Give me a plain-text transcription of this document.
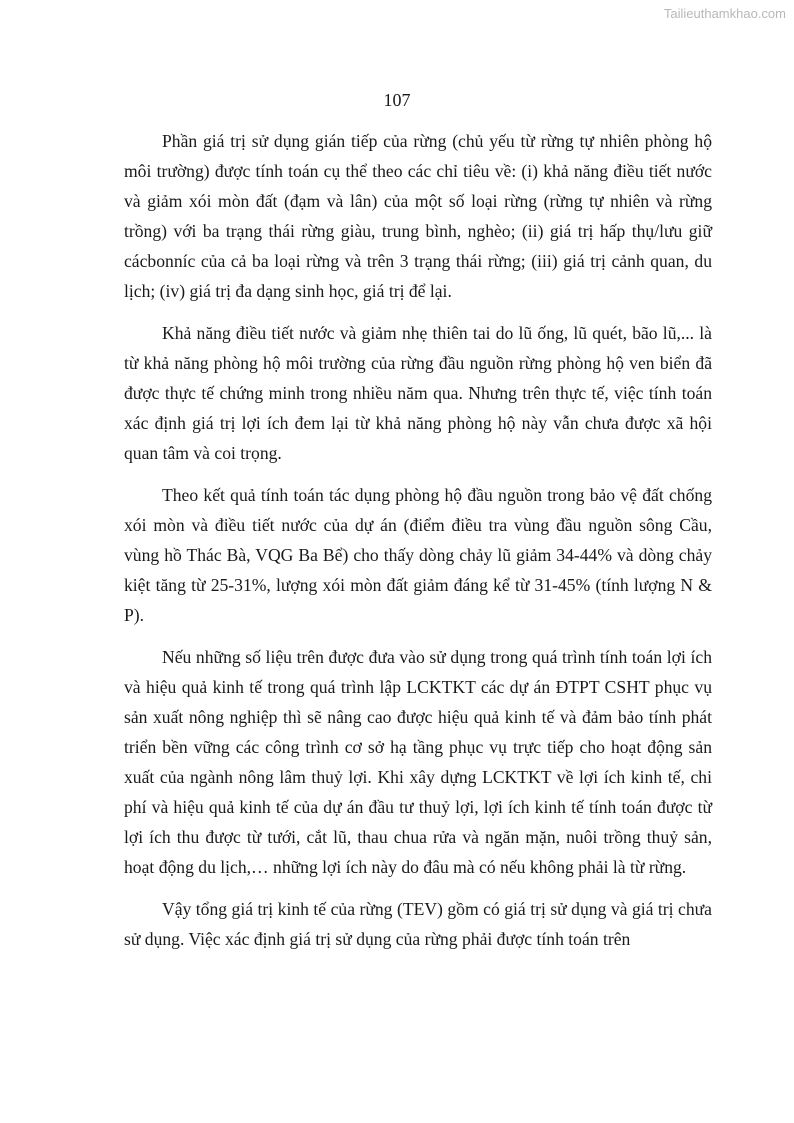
Tailieuthamkhao.com
107

Phần giá trị sử dụng gián tiếp của rừng (chủ yếu từ rừng tự nhiên phòng hộ môi trường) được tính toán cụ thể theo các chỉ tiêu về: (i) khả năng điều tiết nước và giảm xói mòn đất (đạm và lân) của một số loại rừng (rừng tự nhiên và rừng trồng) với ba trạng thái rừng giàu, trung bình, nghèo; (ii) giá trị hấp thụ/lưu giữ cácbonníc của cả ba loại rừng và trên 3 trạng thái rừng; (iii) giá trị cảnh quan, du lịch; (iv) giá trị đa dạng sinh học, giá trị để lại.

Khả năng điều tiết nước và giảm nhẹ thiên tai do lũ ống, lũ quét, bão lũ,... là từ khả năng phòng hộ môi trường của rừng đầu nguồn rừng phòng hộ ven biển đã được thực tế chứng minh trong nhiều năm qua. Nhưng trên thực tế, việc tính toán xác định giá trị lợi ích đem lại từ khả năng phòng hộ này vẫn chưa được xã hội quan tâm và coi trọng.

Theo kết quả tính toán tác dụng phòng hộ đầu nguồn trong bảo vệ đất chống xói mòn và điều tiết nước của dự án (điểm điều tra vùng đầu nguồn sông Cầu, vùng hồ Thác Bà, VQG Ba Bể) cho thấy dòng chảy lũ giảm 34-44% và dòng chảy kiệt tăng từ 25-31%, lượng xói mòn đất giảm đáng kể từ 31-45% (tính lượng N & P).

Nếu những số liệu trên được đưa vào sử dụng trong quá trình tính toán lợi ích và hiệu quả kinh tế trong quá trình lập LCKTKT các dự án ĐTPT CSHT phục vụ sản xuất nông nghiệp thì sẽ nâng cao được hiệu quả kinh tế và đảm bảo tính phát triển bền vững các công trình cơ sở hạ tầng phục vụ trực tiếp cho hoạt động sản xuất của ngành nông lâm thuỷ lợi. Khi xây dựng LCKTKT về lợi ích kinh tế, chi phí và hiệu quả kinh tế của dự án đầu tư thuỷ lợi, lợi ích kinh tế tính toán được từ lợi ích thu được từ tưới, cắt lũ, thau chua rửa và ngăn mặn, nuôi trồng thuỷ sản, hoạt động du lịch,… những lợi ích này do đâu mà có nếu không phải là từ rừng.

Vậy tổng giá trị kinh tế của rừng (TEV) gồm có giá trị sử dụng và giá trị chưa sử dụng. Việc xác định giá trị sử dụng của rừng phải được tính toán trên
